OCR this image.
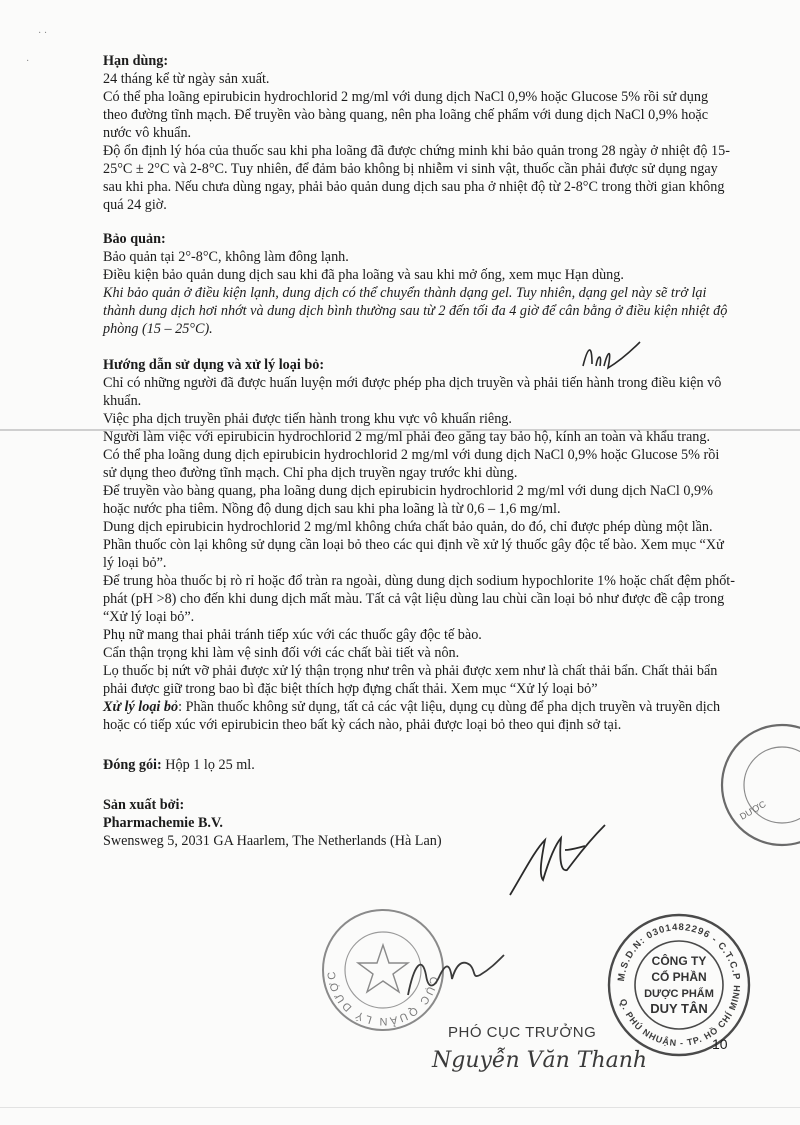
· ·
·	Hạn dùng:

24 tháng kể từ ngày sản xuất.

Có thể pha loãng epirubicin hydrochlorid 2 mg/ml với dung dịch NaCl 0,9% hoặc Glucose 5% rồi sử dụng theo đường tĩnh mạch. Để truyền vào bàng quang, nên pha loãng chế phẩm với dung dịch NaCl 0,9% hoặc nước vô khuẩn.

Độ ổn định lý hóa của thuốc sau khi pha loãng đã được chứng minh khi bảo quản trong 28 ngày ở nhiệt độ 15-25°C ± 2°C và 2-8°C. Tuy nhiên, để đảm bảo không bị nhiễm vi sinh vật, thuốc cần phải được sử dụng ngay sau khi pha. Nếu chưa dùng ngay, phải bảo quản dung dịch sau pha ở nhiệt độ từ 2-8°C trong thời gian không quá 24 giờ.

Bảo quản:

Bảo quản tại 2°-8°C, không làm đông lạnh.

Điều kiện bảo quản dung dịch sau khi đã pha loãng và sau khi mở ống, xem mục Hạn dùng.

Khi bảo quản ở điều kiện lạnh, dung dịch có thể chuyển thành dạng gel. Tuy nhiên, dạng gel này sẽ trở lại thành dung dịch hơi nhớt và dung dịch bình thường sau từ 2 đến tối đa 4 giờ để cân bằng ở điều kiện nhiệt độ phòng (15 – 25°C).

Hướng dẫn sử dụng và xử lý loại bỏ:

Chỉ có những người đã được huấn luyện mới được phép pha dịch truyền và phải tiến hành trong điều kiện vô khuẩn.

Việc pha dịch truyền phải được tiến hành trong khu vực vô khuẩn riêng.

Người làm việc với epirubicin hydrochlorid 2 mg/ml phải đeo găng tay bảo hộ, kính an toàn và khẩu trang.

Có thể pha loãng dung dịch epirubicin hydrochlorid 2 mg/ml với dung dịch NaCl 0,9% hoặc Glucose 5% rồi sử dụng theo đường tĩnh mạch. Chỉ pha dịch truyền ngay trước khi dùng.

Để truyền vào bàng quang, pha loãng dung dịch epirubicin hydrochlorid 2 mg/ml với dung dịch NaCl 0,9% hoặc nước pha tiêm. Nồng độ dung dịch sau khi pha loãng là từ 0,6 – 1,6 mg/ml.

Dung dịch epirubicin hydrochlorid 2 mg/ml không chứa chất bảo quản, do đó, chỉ được phép dùng một lần. Phần thuốc còn lại không sử dụng cần loại bỏ theo các qui định về xử lý thuốc gây độc tế bào. Xem mục “Xử lý loại bỏ”.

Để trung hòa thuốc bị rò rỉ hoặc đổ tràn ra ngoài, dùng dung dịch sodium hypochlorite 1% hoặc chất đệm phốt-phát (pH >8) cho đến khi dung dịch mất màu. Tất cả vật liệu dùng lau chùi cần loại bỏ như được đề cập trong “Xử lý loại bỏ”.

Phụ nữ mang thai phải tránh tiếp xúc với các thuốc gây độc tế bào.

Cẩn thận trọng khi làm vệ sinh đối với các chất bài tiết và nôn.

Lọ thuốc bị nứt vỡ phải được xử lý thận trọng như trên và phải được xem như là chất thải bẩn. Chất thải bẩn phải được giữ trong bao bì đặc biệt thích hợp đựng chất thải. Xem mục “Xử lý loại bỏ”

Xử lý loại bỏ: Phần thuốc không sử dụng, tất cả các vật liệu, dụng cụ dùng để pha dịch truyền và truyền dịch hoặc có tiếp xúc với epirubicin theo bất kỳ cách nào, phải được loại bỏ theo qui định sở tại.

Đóng gói: Hộp 1 lọ 25 ml.

Sản xuất bởi:

Pharmachemie B.V.

Swensweg 5, 2031 GA Haarlem, The Netherlands (Hà Lan)

CỤC QUẢN LÝ DƯỢC	M.S.D.N: 0301482296 - C.T.C.P
Q. PHÚ NHUẬN - TP. HỒ CHÍ MINH
CÔNG TY
CỔ PHẦN
DƯỢC PHẨM
DUY TÂN
DƯỢC
PHÓ CỤC TRƯỞNG
Nguyễn Văn Thanh
10
